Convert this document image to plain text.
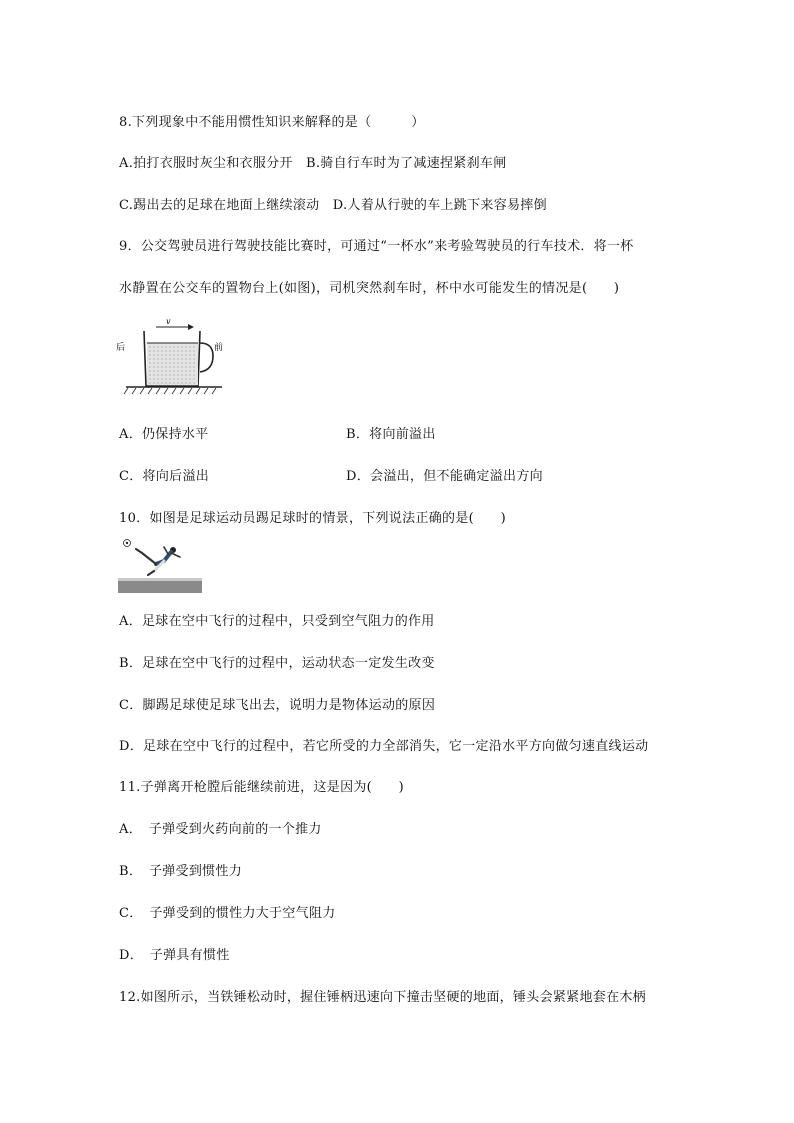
8.下列现象中不能用惯性知识来解释的是（　　　）
A.拍打衣服时灰尘和衣服分开　B.骑自行车时为了减速捏紧刹车闸
C.踢出去的足球在地面上继续滚动　D.人着从行驶的车上跳下来容易摔倒
9．公交驾驶员进行驾驶技能比赛时，可通过“一杯水”来考验驾驶员的行车技术．将一杯
水静置在公交车的置物台上(如图)，司机突然刹车时，杯中水可能发生的情况是(　　)
v
后	前
A．仍保持水平	B．将向前溢出
C．将向后溢出	D．会溢出，但不能确定溢出方向
10．如图是足球运动员踢足球时的情景，下列说法正确的是(　　)
A．足球在空中飞行的过程中，只受到空气阻力的作用
B．足球在空中飞行的过程中，运动状态一定发生改变
C．脚踢足球使足球飞出去，说明力是物体运动的原因
D．足球在空中飞行的过程中，若它所受的力全部消失，它一定沿水平方向做匀速直线运动
11.子弹离开枪膛后能继续前进，这是因为(　　)
A．　子弹受到火药向前的一个推力
B．　子弹受到惯性力
C．　子弹受到的惯性力大于空气阻力
D．　子弹具有惯性
12.如图所示，当铁锤松动时，握住锤柄迅速向下撞击坚硬的地面，锤头会紧紧地套在木柄
